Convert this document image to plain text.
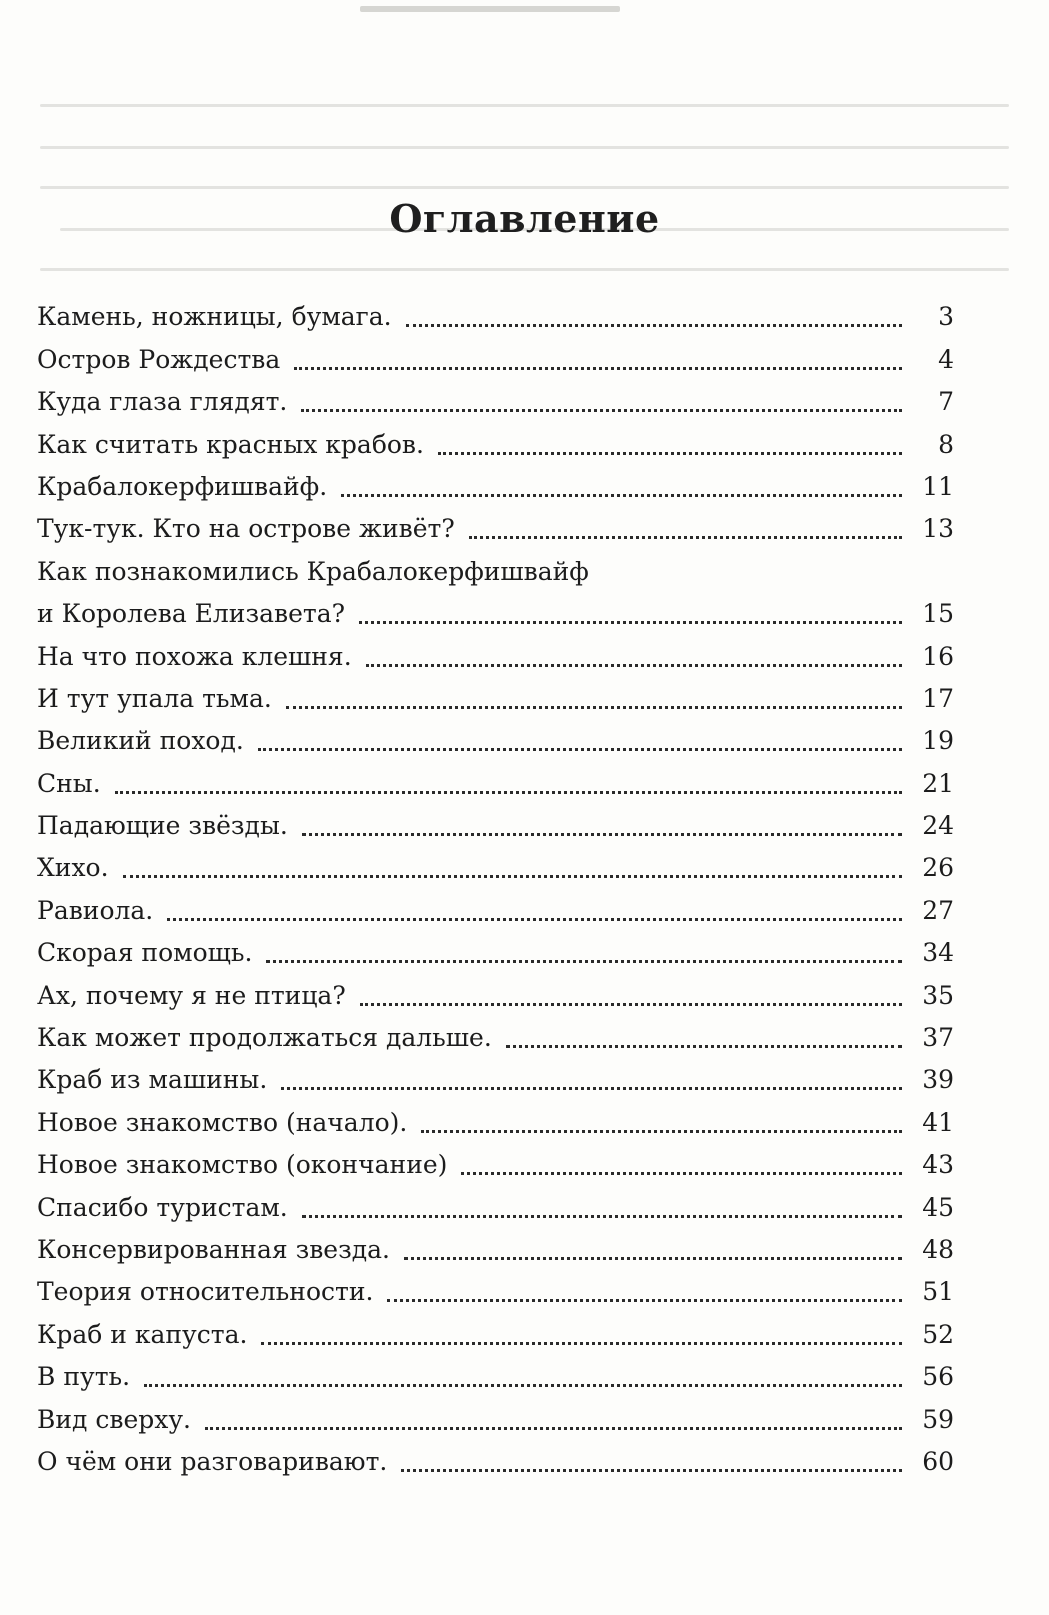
Оглавление
Камень, ножницы, бумага.	3
Остров Рождества	4
Куда глаза глядят.	7
Как считать красных крабов.	8
Крабалокерфишвайф.	11
Тук-тук. Кто на острове живёт?	13
Как познакомились Крабалокерфишвайф
и Королева Елизавета?	15
На что похожа клешня.	16
И тут упала тьма.	17
Великий поход.	19
Сны.	21
Падающие звёзды.	24
Хихо.	26
Равиола.	27
Скорая помощь.	34
Ах, почему я не птица?	35
Как может продолжаться дальше.	37
Краб из машины.	39
Новое знакомство (начало).	41
Новое знакомство (окончание)	43
Спасибо туристам.	45
Консервированная звезда.	48
Теория относительности.	51
Краб и капуста.	52
В путь.	56
Вид сверху.	59
О чём они разговаривают.	60
